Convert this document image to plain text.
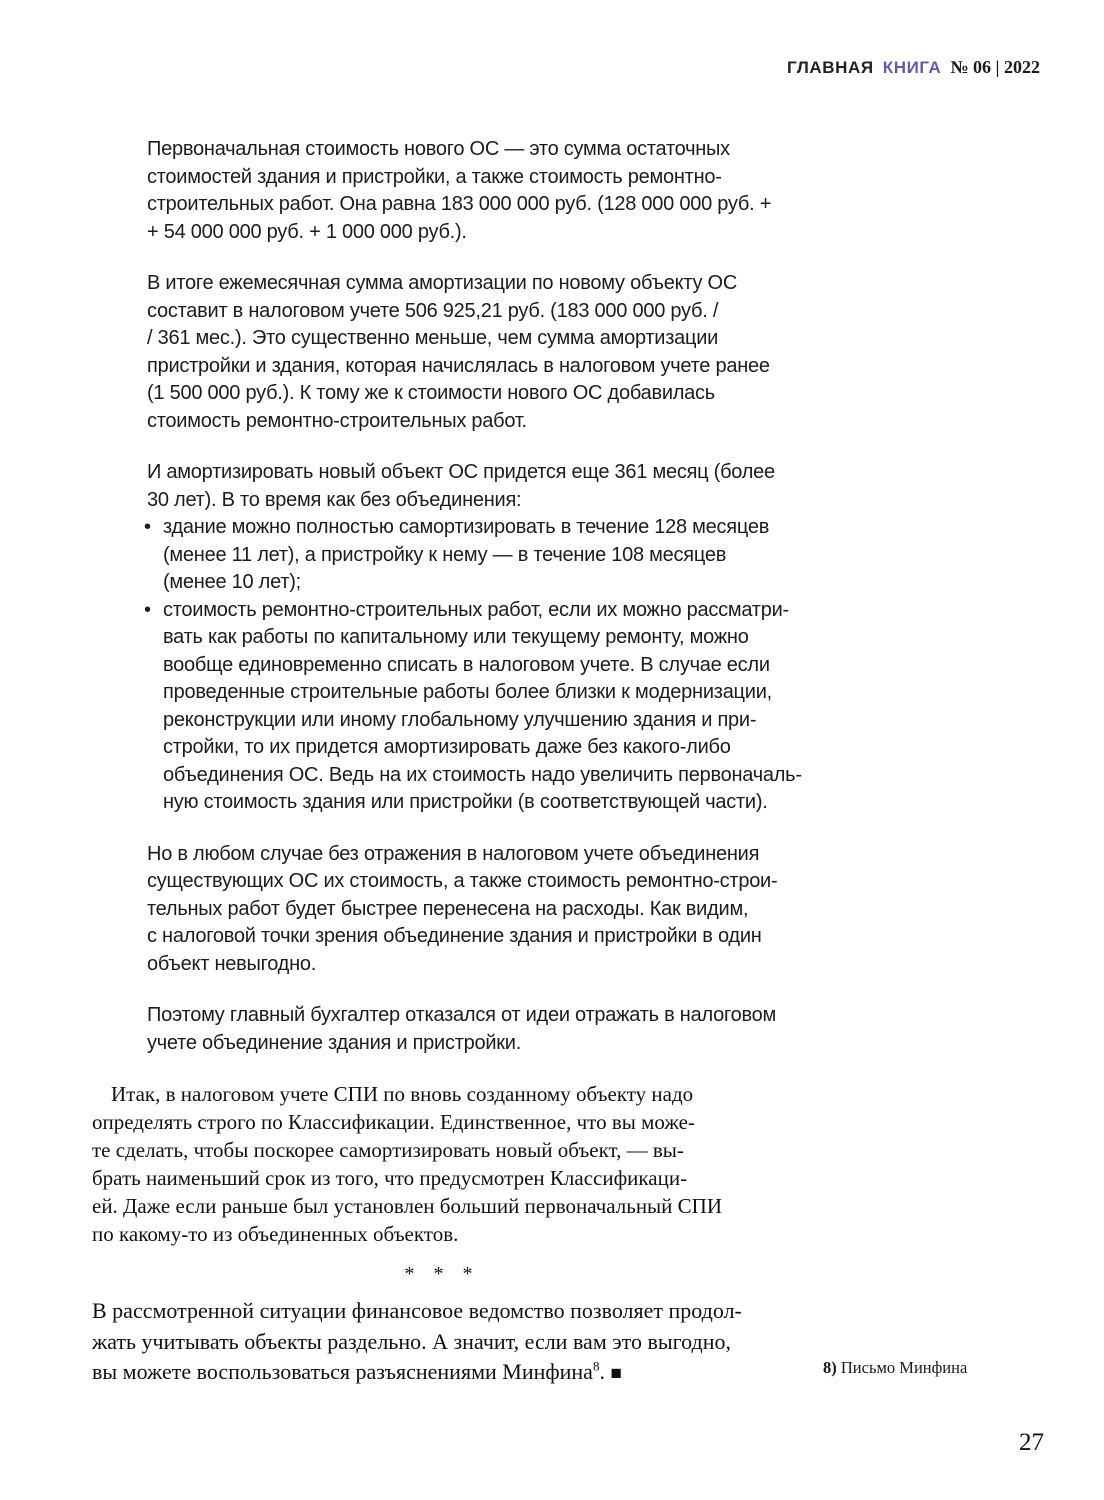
ГЛАВНАЯ КНИГА № 06 | 2022
Первоначальная стоимость нового ОС — это сумма остаточных
стоимостей здания и пристройки, а также стоимость ремонтно-
строительных работ. Она равна 183 000 000 руб. (128 000 000 руб. +
+ 54 000 000 руб. + 1 000 000 руб.).
В итоге ежемесячная сумма амортизации по новому объекту ОС
составит в налоговом учете 506 925,21 руб. (183 000 000 руб. /
/ 361 мес.). Это существенно меньше, чем сумма амортизации
пристройки и здания, которая начислялась в налоговом учете ранее
(1 500 000 руб.). К тому же к стоимости нового ОС добавилась
стоимость ремонтно-строительных работ.
И амортизировать новый объект ОС придется еще 361 месяц (более
30 лет). В то время как без объединения:
• здание можно полностью самортизировать в течение 128 месяцев
(менее 11 лет), а пристройку к нему — в течение 108 месяцев
(менее 10 лет);
• стоимость ремонтно-строительных работ, если их можно рассматри-
вать как работы по капитальному или текущему ремонту, можно
вообще единовременно списать в налоговом учете. В случае если
проведенные строительные работы более близки к модернизации,
реконструкции или иному глобальному улучшению здания и при-
стройки, то их придется амортизировать даже без какого-либо
объединения ОС. Ведь на их стоимость надо увеличить первоначаль-
ную стоимость здания или пристройки (в соответствующей части).
Но в любом случае без отражения в налоговом учете объединения
существующих ОС их стоимость, а также стоимость ремонтно-строи-
тельных работ будет быстрее перенесена на расходы. Как видим,
с налоговой точки зрения объединение здания и пристройки в один
объект невыгодно.
Поэтому главный бухгалтер отказался от идеи отражать в налоговом
учете объединение здания и пристройки.
Итак, в налоговом учете СПИ по вновь созданному объекту надо
определять строго по Классификации. Единственное, что вы може-
те сделать, чтобы поскорее самортизировать новый объект, — вы-
брать наименьший срок из того, что предусмотрен Классификаци-
ей. Даже если раньше был установлен больший первоначальный СПИ
по какому-то из объединенных объектов.
* * *
В рассмотренной ситуации финансовое ведомство позволяет продол-
жать учитывать объекты раздельно. А значит, если вам это выгодно,
вы можете воспользоваться разъяснениями Минфина$^8$. ■	8) Письмо Минфина
27
